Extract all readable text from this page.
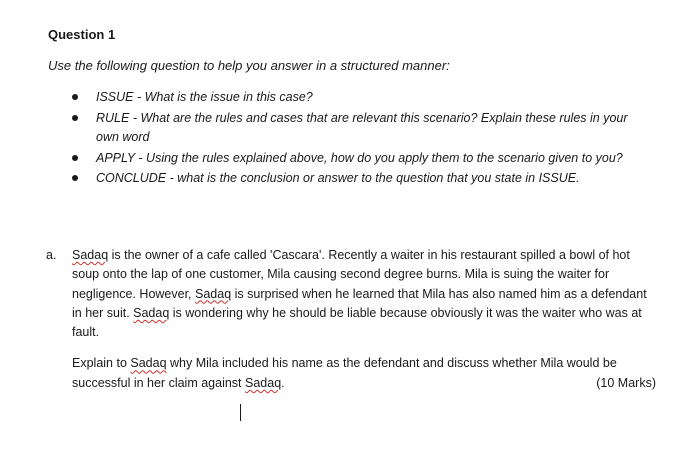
Question 1
Use the following question to help you answer in a structured manner:
ISSUE - What is the issue in this case?
RULE - What are the rules and cases that are relevant this scenario? Explain these rules in your own word
APPLY - Using the rules explained above, how do you apply them to the scenario given to you?
CONCLUDE - what is the conclusion or answer to the question that you state in ISSUE.
a. Sadaq is the owner of a cafe called 'Cascara'. Recently a waiter in his restaurant spilled a bowl of hot soup onto the lap of one customer, Mila causing second degree burns. Mila is suing the waiter for negligence. However, Sadaq is surprised when he learned that Mila has also named him as a defendant in her suit. Sadaq is wondering why he should be liable because obviously it was the waiter who was at fault.

Explain to Sadaq why Mila included his name as the defendant and discuss whether Mila would be successful in her claim against Sadaq.	(10 Marks)
